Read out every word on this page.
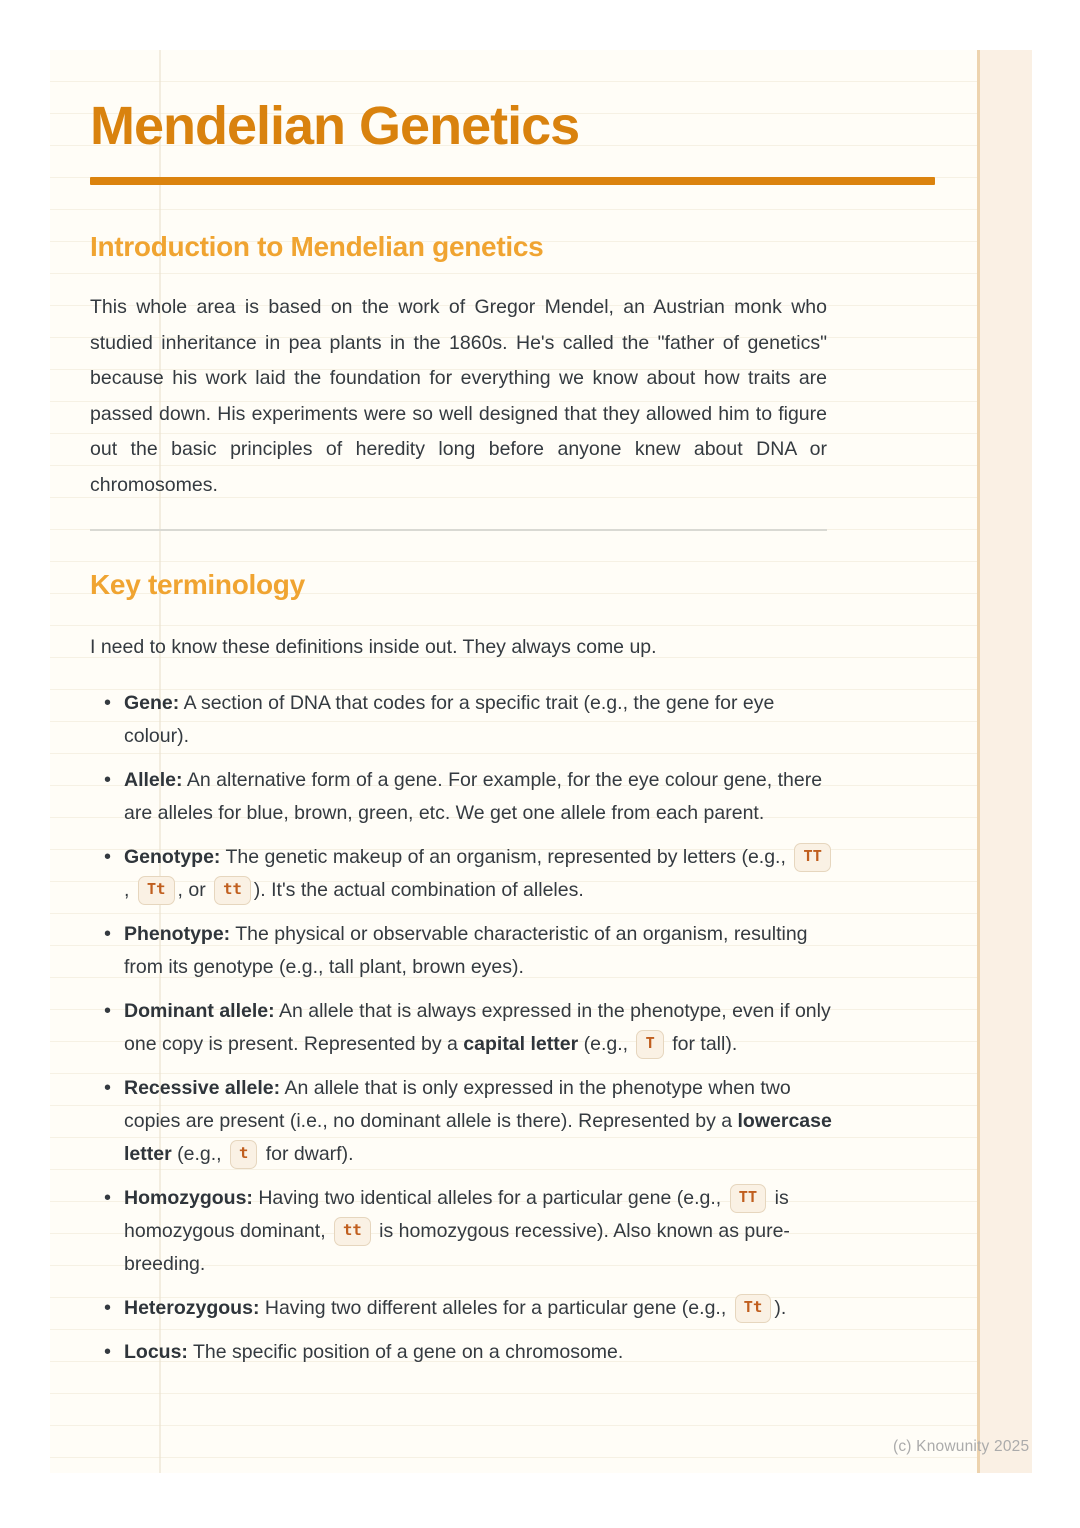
Mendelian Genetics
Introduction to Mendelian genetics

This whole area is based on the work of Gregor Mendel, an Austrian monk who studied inheritance in pea plants in the 1860s. He's called the "father of genetics" because his work laid the foundation for everything we know about how traits are passed down. His experiments were so well designed that they allowed him to figure out the basic principles of heredity long before anyone knew about DNA or chromosomes.

Key terminology

I need to know these definitions inside out. They always come up.

• Gene: A section of DNA that codes for a specific trait (e.g., the gene for eye colour).
• Allele: An alternative form of a gene. For example, for the eye colour gene, there are alleles for blue, brown, green, etc. We get one allele from each parent.
• Genotype: The genetic makeup of an organism, represented by letters (e.g., TT, Tt , or tt ). It's the actual combination of alleles.
• Phenotype: The physical or observable characteristic of an organism, resulting from its genotype (e.g., tall plant, brown eyes).
• Dominant allele: An allele that is always expressed in the phenotype, even if only one copy is present. Represented by a capital letter (e.g., T for tall).
• Recessive allele: An allele that is only expressed in the phenotype when two copies are present (i.e., no dominant allele is there). Represented by a lowercase letter (e.g., t for dwarf).
• Homozygous: Having two identical alleles for a particular gene (e.g., TT is homozygous dominant, tt is homozygous recessive). Also known as pure-breeding.
• Heterozygous: Having two different alleles for a particular gene (e.g., Tt ).
• Locus: The specific position of a gene on a chromosome.
(c) Knowunity 2025
